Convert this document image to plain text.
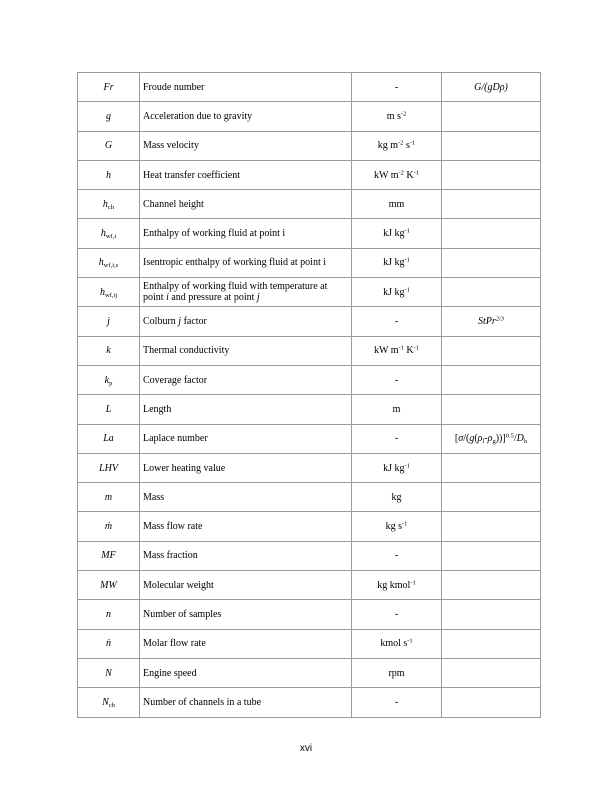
Fr	Froude number	-	G/(gDρ)
g	Acceleration due to gravity	m $s^{-2}$	
G	Mass velocity	kg $m^{-2}$ $s^{-1}$	
h	Heat transfer coefficient	kW $m^{-2}$ $K^{-1}$	
$h_{ch}$	Channel height	mm	
$h_{wf,i}$	Enthalpy of working fluid at point i	kJ $kg^{-1}$	
$h_{wf,i,s}$	Isentropic enthalpy of working fluid at point i	kJ $kg^{-1}$	
$h_{wf,ij}$	Enthalpy of working fluid with temperature at point i and pressure at point j	kJ $kg^{-1}$	
j	Colburn j factor	-	StPr$^{2/3}$
k	Thermal conductivity	kW $m^{-1}$ $K^{-1}$	
$k_p$	Coverage factor	-	
L	Length	m	
La	Laplace number	-	$[\sigma/(g(\rho_l-\rho_g))]^{0.5}/D_h$
LHV	Lower heating value	kJ $kg^{-1}$	
m	Mass	kg	
ṁ	Mass flow rate	kg $s^{-1}$	
MF	Mass fraction	-	
MW	Molecular weight	kg kmol$^{-1}$	
n	Number of samples	-	
ṅ	Molar flow rate	kmol $s^{-1}$	
N	Engine speed	rpm	
$N_{ch}$	Number of channels in a tube	-	
xvi
